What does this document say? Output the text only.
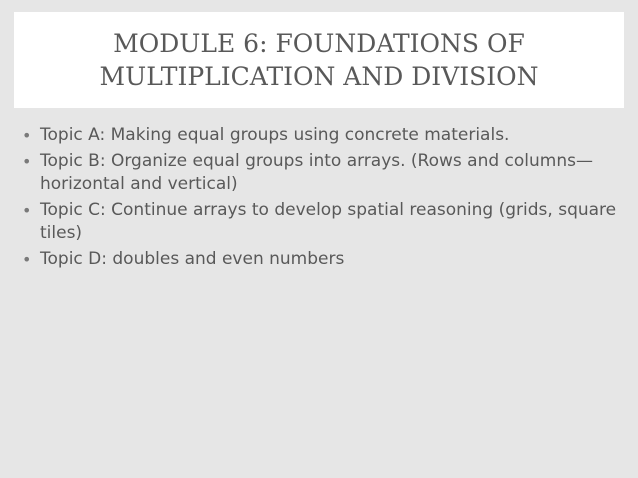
MODULE 6: FOUNDATIONS OF
MULTIPLICATION AND DIVISION
• Topic A: Making equal groups using concrete materials.
• Topic B: Organize equal groups into arrays. (Rows and columns—horizontal and vertical)
• Topic C: Continue arrays to develop spatial reasoning (grids, square tiles)
• Topic D: doubles and even numbers
